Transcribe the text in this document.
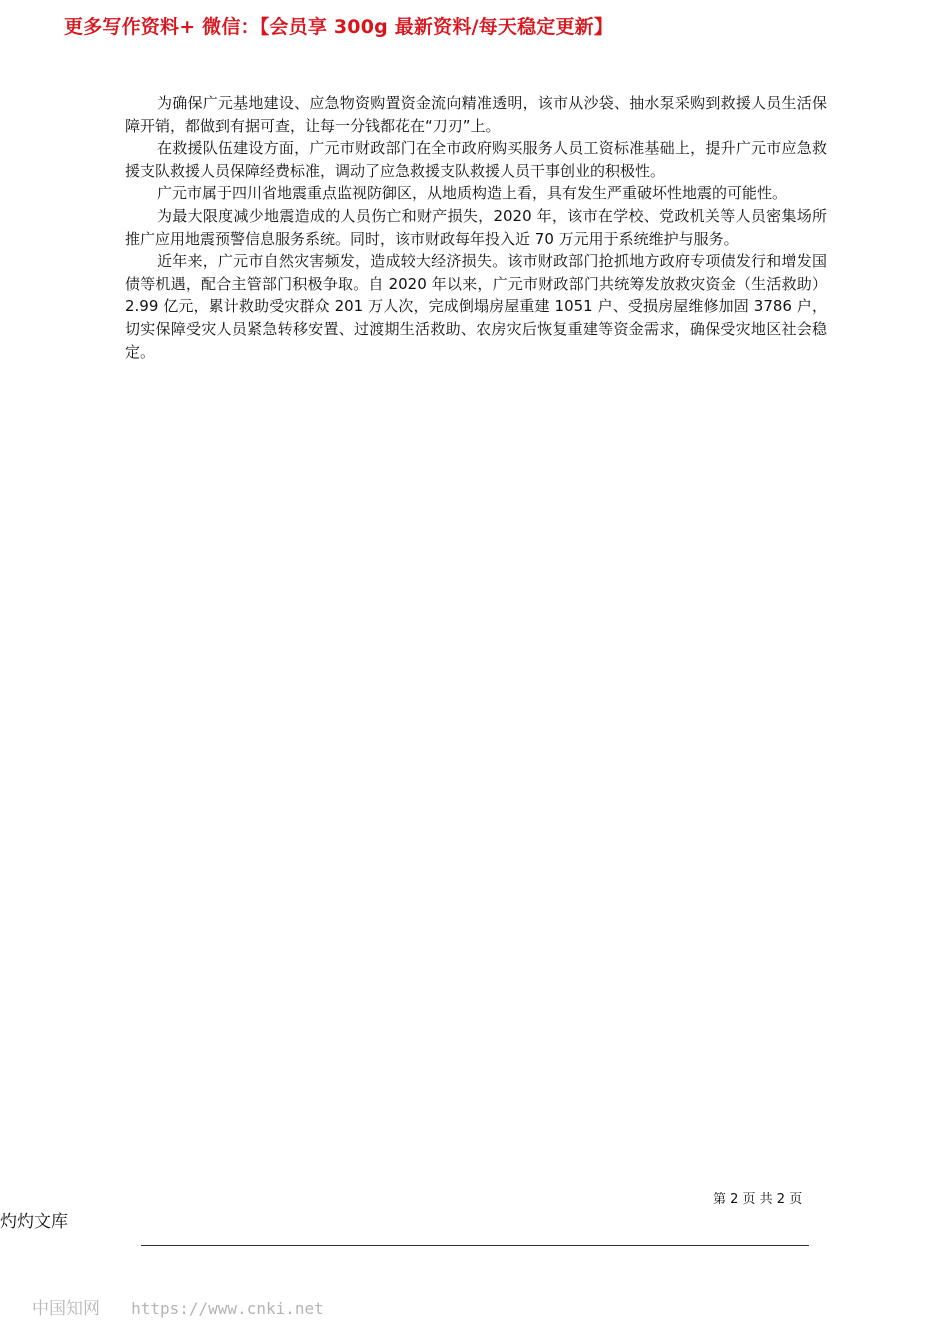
更多写作资料+ 微信：【会员享 300g 最新资料/每天稳定更新】

为确保广元基地建设、应急物资购置资金流向精准透明，该市从沙袋、抽水泵采购到救援人员生活保障开销，都做到有据可查，让每一分钱都花在“刀刃”上。

在救援队伍建设方面，广元市财政部门在全市政府购买服务人员工资标准基础上，提升广元市应急救援支队救援人员保障经费标准，调动了应急救援支队救援人员干事创业的积极性。

广元市属于四川省地震重点监视防御区，从地质构造上看，具有发生严重破坏性地震的可能性。

为最大限度减少地震造成的人员伤亡和财产损失，2020 年，该市在学校、党政机关等人员密集场所推广应用地震预警信息服务系统。同时，该市财政每年投入近 70 万元用于系统维护与服务。

近年来，广元市自然灾害频发，造成较大经济损失。该市财政部门抢抓地方政府专项债发行和增发国债等机遇，配合主管部门积极争取。自 2020 年以来，广元市财政部门共统筹发放救灾资金（生活救助）2.99 亿元，累计救助受灾群众 201 万人次，完成倒塌房屋重建 1051 户、受损房屋维修加固 3786 户，切实保障受灾人员紧急转移安置、过渡期生活救助、农房灾后恢复重建等资金需求，确保受灾地区社会稳定。

第 2 页 共 2 页
灼灼文库
中国知网 https://www.cnki.net
